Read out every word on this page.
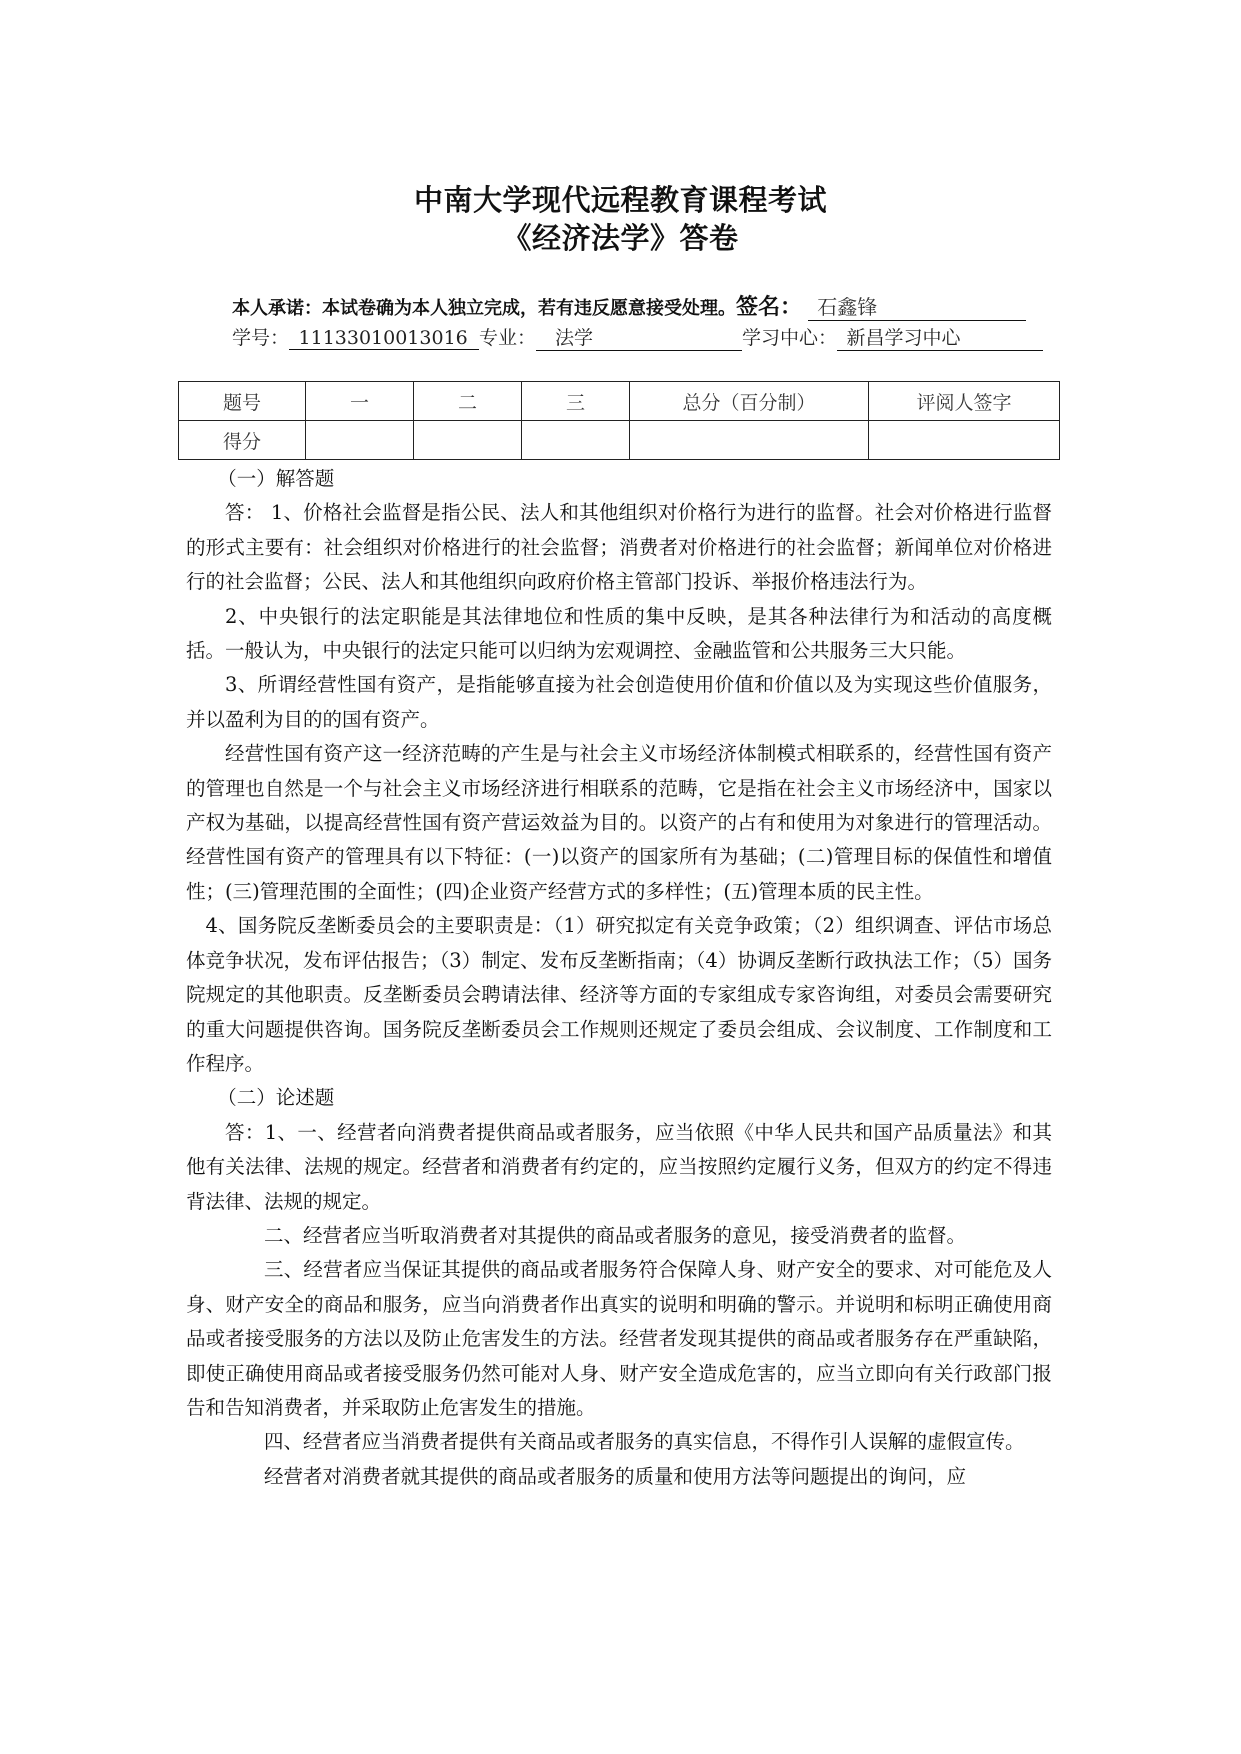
中南大学现代远程教育课程考试
《经济法学》答卷
本人承诺：本试卷确为本人独立完成，若有违反愿意接受处理。签名：   石鑫锋
学号：  11133010013016 专业：   法学	学习中心：  新昌学习中心
题号	一	二	三	总分（百分制）	评阅人签字
得分					

（一）解答题

答： 1、价格社会监督是指公民、法人和其他组织对价格行为进行的监督。社会对价格进行监督的形式主要有：社会组织对价格进行的社会监督；消费者对价格进行的社会监督；新闻单位对价格进行的社会监督；公民、法人和其他组织向政府价格主管部门投诉、举报价格违法行为。

2、中央银行的法定职能是其法律地位和性质的集中反映，是其各种法律行为和活动的高度概括。一般认为，中央银行的法定只能可以归纳为宏观调控、金融监管和公共服务三大只能。

3、所谓经营性国有资产，是指能够直接为社会创造使用价值和价值以及为实现这些价值服务，并以盈利为目的的国有资产。

经营性国有资产这一经济范畴的产生是与社会主义市场经济体制模式相联系的，经营性国有资产的管理也自然是一个与社会主义市场经济进行相联系的范畴，它是指在社会主义市场经济中，国家以产权为基础，以提高经营性国有资产营运效益为目的。以资产的占有和使用为对象进行的管理活动。经营性国有资产的管理具有以下特征：(一)以资产的国家所有为基础；(二)管理目标的保值性和增值性；(三)管理范围的全面性；(四)企业资产经营方式的多样性；(五)管理本质的民主性。

4、国务院反垄断委员会的主要职责是：（1）研究拟定有关竞争政策；（2）组织调查、评估市场总体竞争状况，发布评估报告；（3）制定、发布反垄断指南；（4）协调反垄断行政执法工作；（5）国务院规定的其他职责。反垄断委员会聘请法律、经济等方面的专家组成专家咨询组，对委员会需要研究的重大问题提供咨询。国务院反垄断委员会工作规则还规定了委员会组成、会议制度、工作制度和工作程序。

（二）论述题

答：1、一、经营者向消费者提供商品或者服务，应当依照《中华人民共和国产品质量法》和其他有关法律、法规的规定。经营者和消费者有约定的，应当按照约定履行义务，但双方的约定不得违背法律、法规的规定。

二、经营者应当听取消费者对其提供的商品或者服务的意见，接受消费者的监督。

三、经营者应当保证其提供的商品或者服务符合保障人身、财产安全的要求、对可能危及人身、财产安全的商品和服务，应当向消费者作出真实的说明和明确的警示。并说明和标明正确使用商品或者接受服务的方法以及防止危害发生的方法。经营者发现其提供的商品或者服务存在严重缺陷，即使正确使用商品或者接受服务仍然可能对人身、财产安全造成危害的，应当立即向有关行政部门报告和告知消费者，并采取防止危害发生的措施。

四、经营者应当消费者提供有关商品或者服务的真实信息，不得作引人误解的虚假宣传。

经营者对消费者就其提供的商品或者服务的质量和使用方法等问题提出的询问，应
